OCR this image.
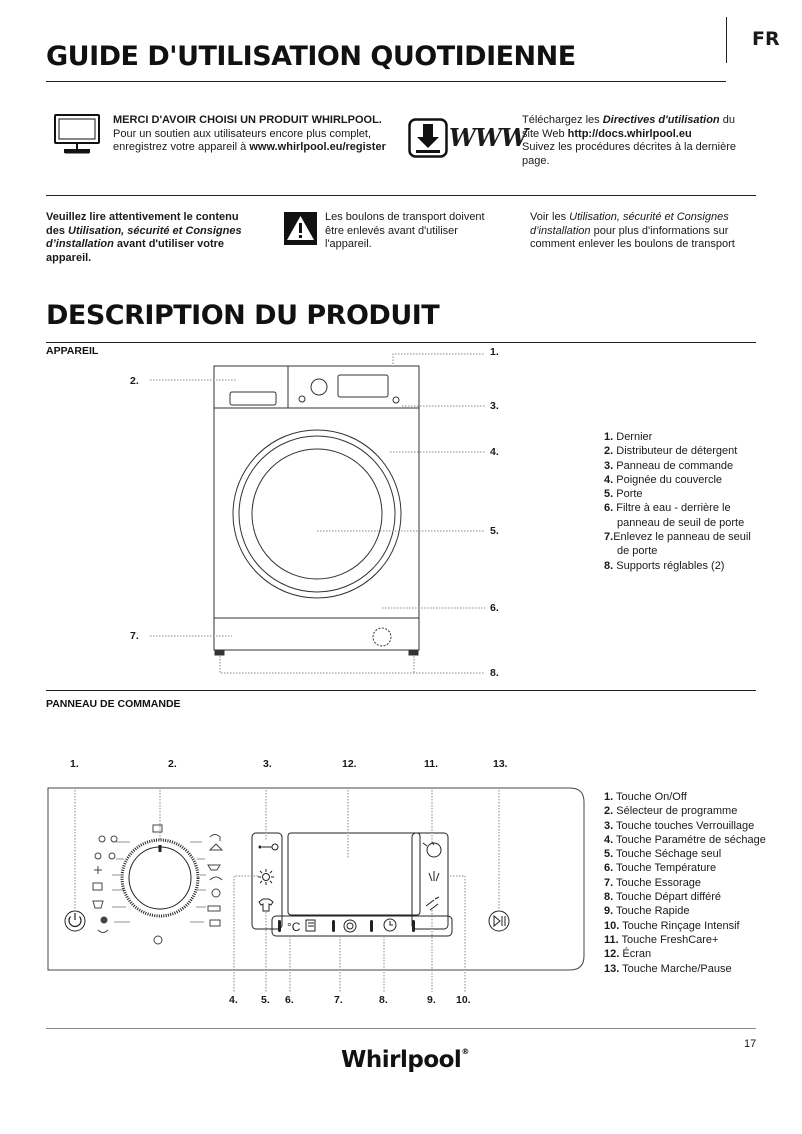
FR
GUIDE D'UTILISATION QUOTIDIENNE
MERCI D'AVOIR CHOISI UN PRODUIT WHIRLPOOL.
Pour un soutien aux utilisateurs encore plus complet,
enregistrez votre appareil à www.whirlpool.eu/register	WWW
Téléchargez les Directives d'utilisation du
site Web http://docs.whirlpool.eu
Suivez les procédures décrites à la dernière
page.
Veuillez lire attentivement le contenu
des Utilisation, sécurité et Consignes
d’installation avant d'utiliser votre
appareil.
Les boulons de transport doivent
être enlevés avant d'utiliser
l'appareil.
Voir les Utilisation, sécurité et Consignes
d’installation pour plus d'informations sur
comment enlever les boulons de transport
DESCRIPTION DU PRODUIT
APPAREIL	1.
2.
3.
4.
5.
6.
7.
8.
1. Dernier
2. Distributeur de détergent
3. Panneau de commande
4. Poignée du couvercle
5. Porte
6. Filtre à eau - derrière le
panneau de seuil de porte
7.Enlevez le panneau de seuil
de porte
8. Supports réglables (2)
PANNEAU DE COMMANDE
°C
1.	2.	3.	12.	11.	13.
4. 5. 6.	7.	8.	9. 10.
1. Touche On/Off
2. Sélecteur de programme
3. Touche touches Verrouillage
4. Touche Paramétre de séchage
5. Touche Séchage seul
6. Touche Température
7. Touche Essorage
8. Touche Départ différé
9. Touche Rapide
10. Touche Rinçage Intensif
11. Touche FreshCare+
12. Écran
13. Touche Marche/Pause
17
Whirlpool®
